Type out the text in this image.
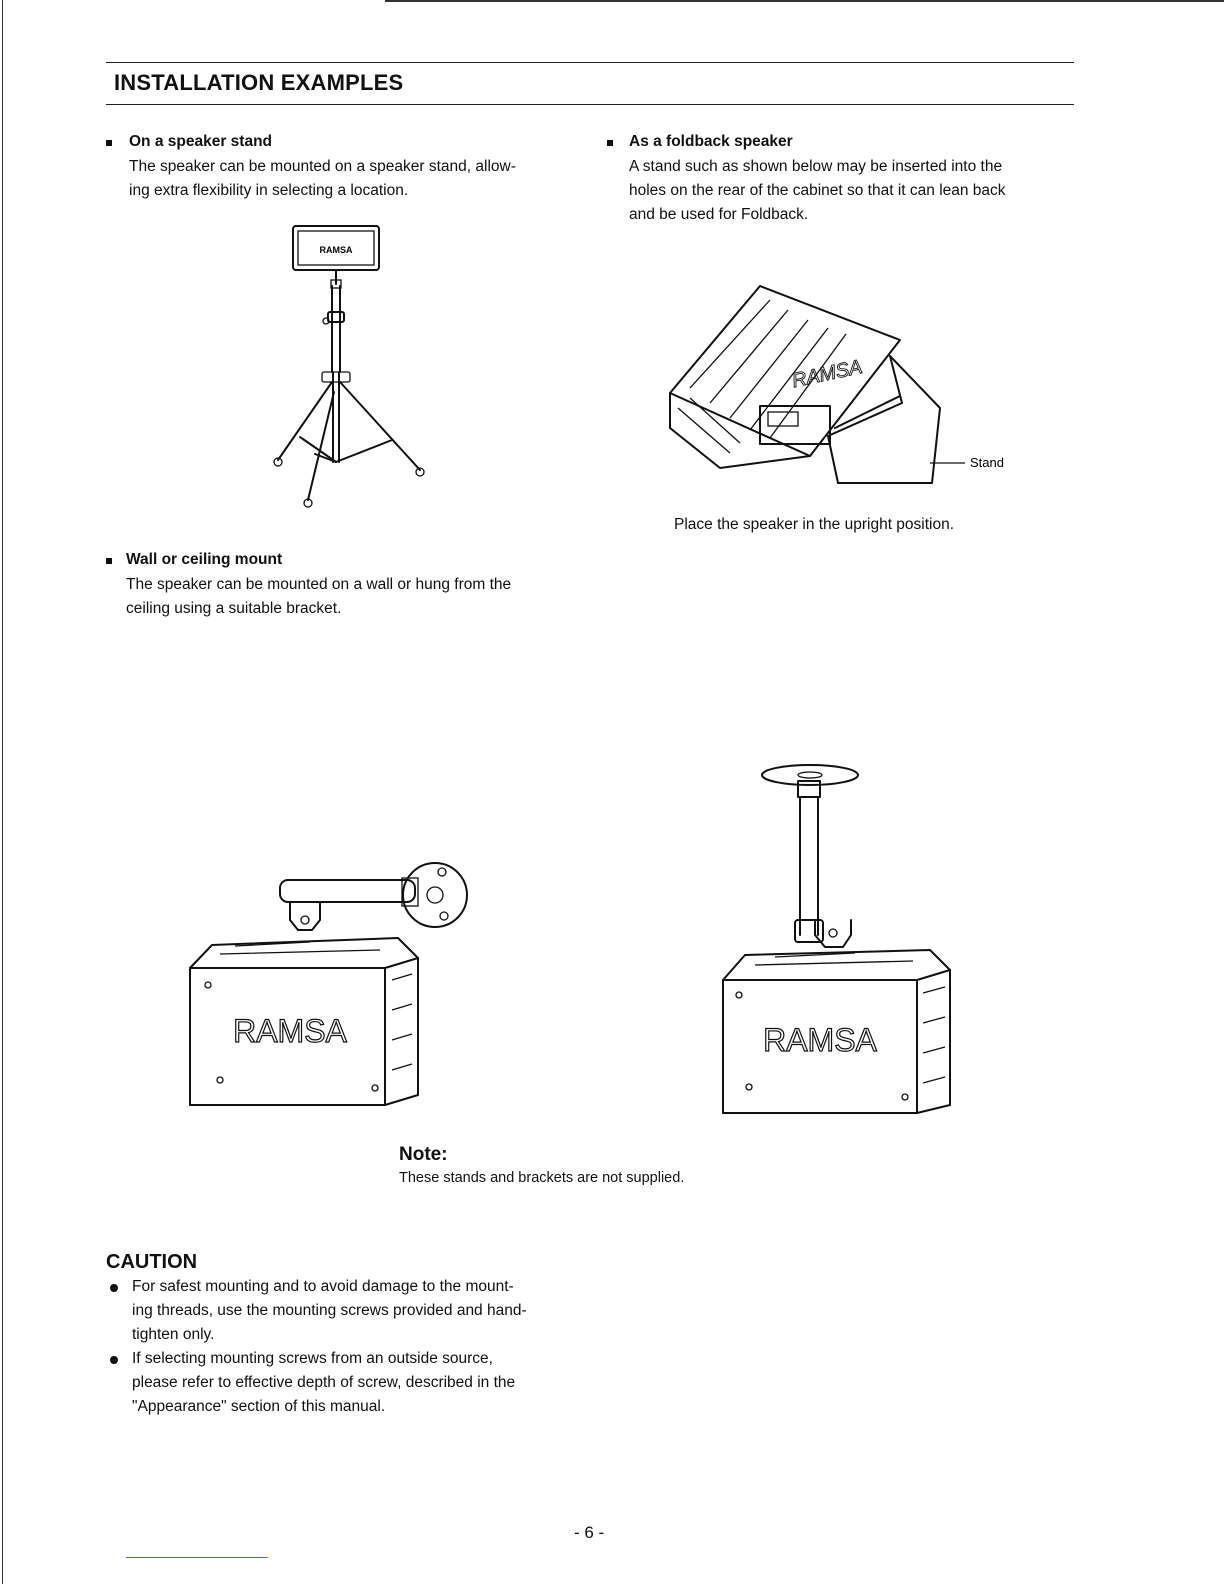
INSTALLATION EXAMPLES
On a speaker stand
The speaker can be mounted on a speaker stand, allow-
ing extra flexibility in selecting a location.
As a foldback speaker
A stand such as shown below may be inserted into the
holes on the rear of the cabinet so that it can lean back
and be used for Foldback.
RAMSA
RAMSA
Stand
Place the speaker in the upright position.
Wall or ceiling mount
The speaker can be mounted on a wall or hung from the
ceiling using a suitable bracket.
RAMSA	RAMSA
Note:
These stands and brackets are not supplied.
CAUTION
For safest mounting and to avoid damage to the mount-
ing threads, use the mounting screws provided and hand-
tighten only.
If selecting mounting screws from an outside source,
please refer to effective depth of screw, described in the
"Appearance" section of this manual.
- 6 -
